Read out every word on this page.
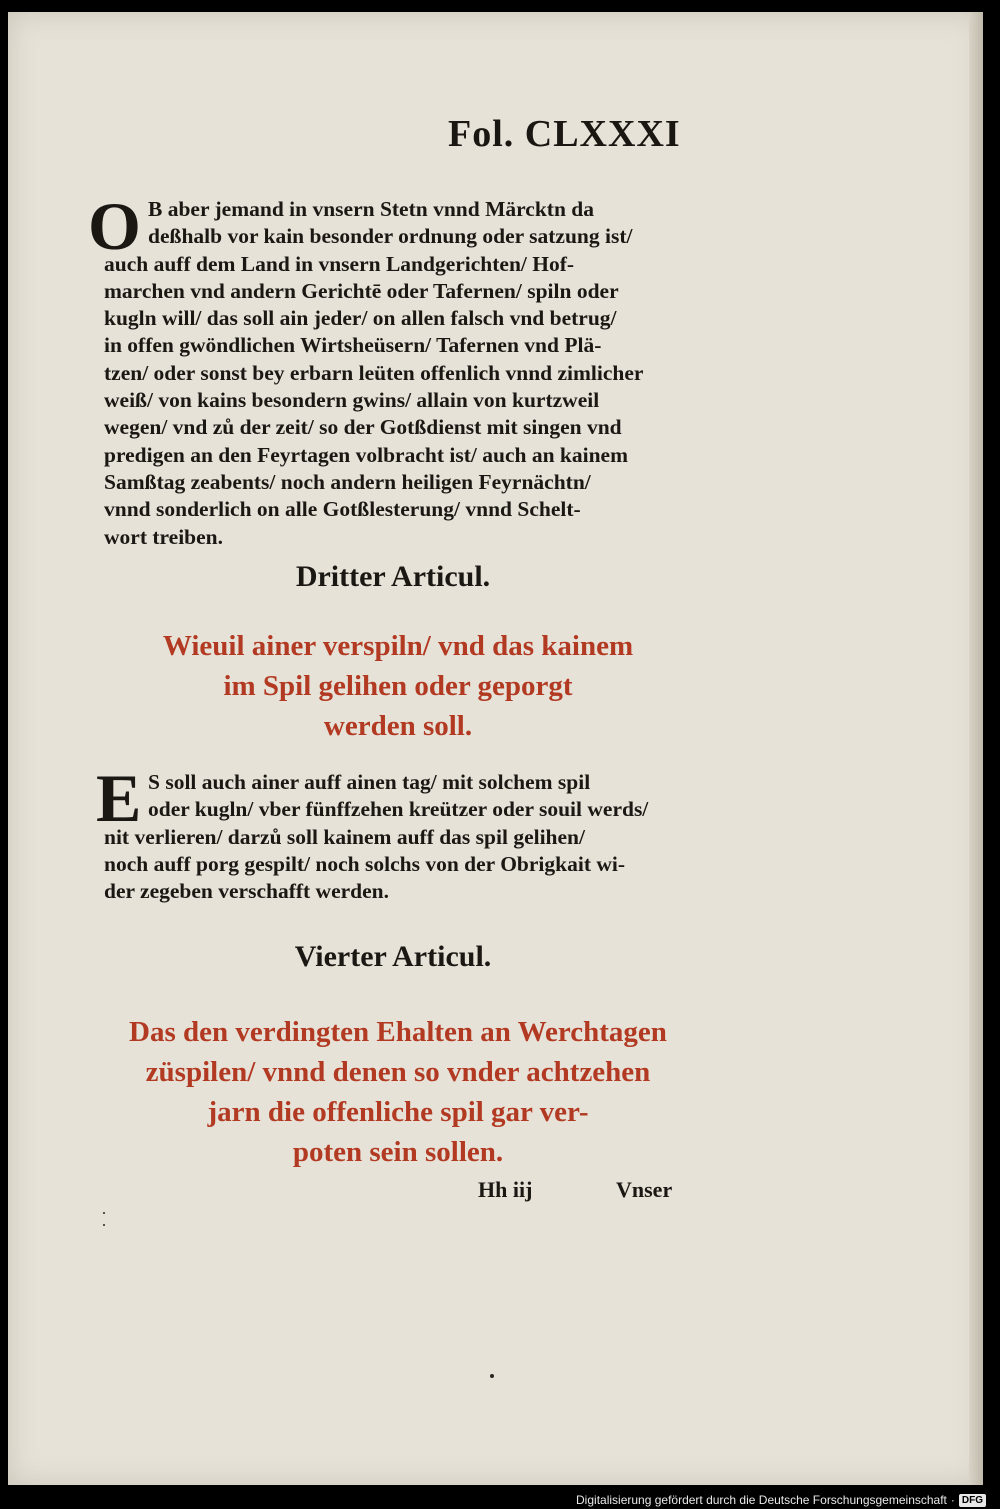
Fol. CLXXXI
O B aber jemand in vnsern Stetn vnnd Märcktn da
deßhalb vor kain besonder ordnung oder satzung ist/
auch auff dem Land in vnsern Landgerichten/ Hof-
marchen vnd andern Gerichtē oder Tafernen/ spiln oder
kugln will/ das soll ain jeder/ on allen falsch vnd betrug/
in offen gwöndlichen Wirtsheüsern/ Tafernen vnd Plä-
tzen/ oder sonst bey erbarn leüten offenlich vnnd zimlicher
weiß/ von kains besondern gwins/ allain von kurtzweil
wegen/ vnd zů der zeit/ so der Gotßdienst mit singen vnd
predigen an den Feyrtagen volbracht ist/ auch an kainem
Samßtag zeabents/ noch andern heiligen Feyrnächtn/
vnnd sonderlich on alle Gotßlesterung/ vnnd Schelt-
wort treiben.
Dritter Articul.
Wieuil ainer verspiln/ vnd das kainem
im Spil gelihen oder geporgt
werden soll.
E S soll auch ainer auff ainen tag/ mit solchem spil
oder kugln/ vber fünffzehen kreützer oder souil werds/
nit verlieren/ darzů soll kainem auff das spil gelihen/
noch auff porg gespilt/ noch solchs von der Obrigkait wi-
der zegeben verschafft werden.
Vierter Articul.
Das den verdingten Ehalten an Werchtagen
züspilen/ vnnd denen so vnder achtzehen
jarn die offenliche spil gar ver-
poten sein sollen.
Hh iij	Vnser
Digitalisierung gefördert durch die Deutsche Forschungsgemeinschaft · DFG
